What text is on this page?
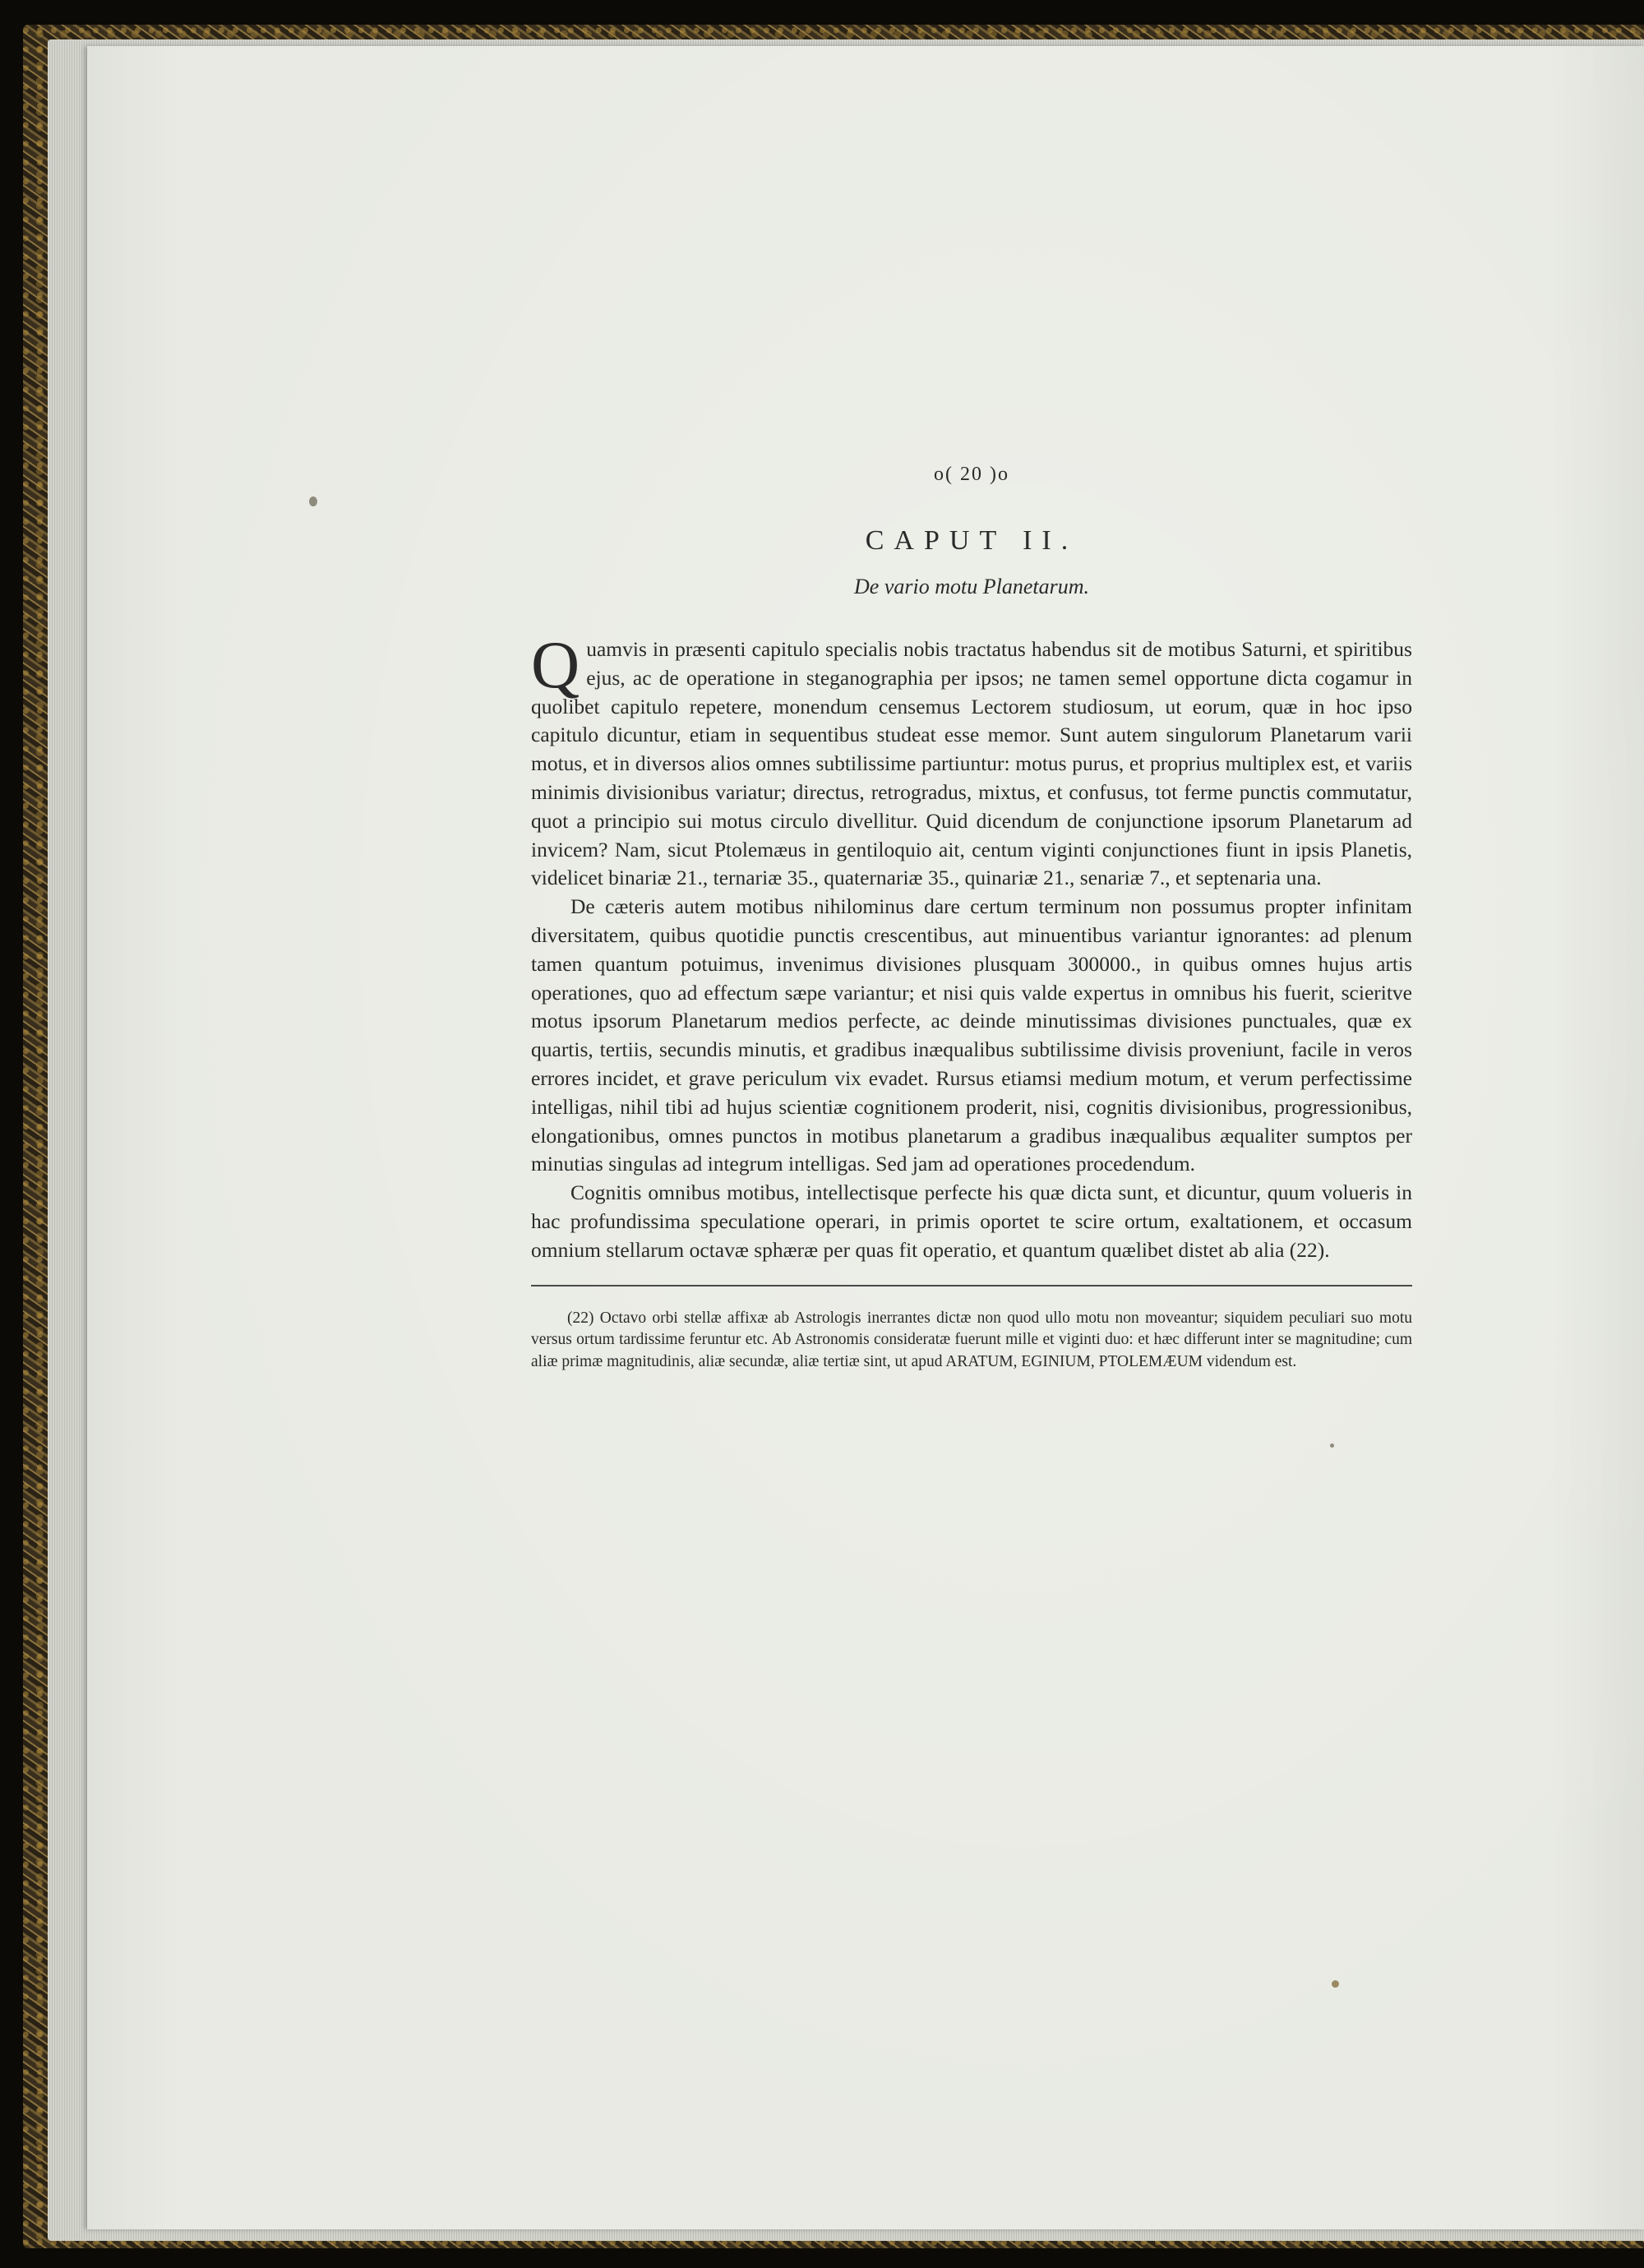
o( 20 )o

CAPUT II.

De vario motu Planetarum.

Quamvis in præsenti capitulo specialis nobis tractatus habendus sit de motibus Saturni, et spiritibus ejus, ac de operatione in steganographia per ipsos; ne tamen semel opportune dicta cogamur in quolibet capitulo repetere, monendum censemus Lectorem studiosum, ut eorum, quæ in hoc ipso capitulo dicuntur, etiam in sequentibus studeat esse memor. Sunt autem singulorum Planetarum varii motus, et in diversos alios omnes subtilissime partiuntur: motus purus, et proprius multiplex est, et variis minimis divisionibus variatur; directus, retrogradus, mixtus, et confusus, tot ferme punctis commutatur, quot a principio sui motus circulo divellitur. Quid dicendum de conjunctione ipsorum Planetarum ad invicem? Nam, sicut Ptolemæus in gentiloquio ait, centum viginti conjunctiones fiunt in ipsis Planetis, videlicet binariæ 21., ternariæ 35., quaternariæ 35., quinariæ 21., senariæ 7., et septenaria una.

De cæteris autem motibus nihilominus dare certum terminum non possumus propter infinitam diversitatem, quibus quotidie punctis crescentibus, aut minuentibus variantur ignorantes: ad plenum tamen quantum potuimus, invenimus divisiones plusquam 300000., in quibus omnes hujus artis operationes, quo ad effectum sæpe variantur; et nisi quis valde expertus in omnibus his fuerit, scieritve motus ipsorum Planetarum medios perfecte, ac deinde minutissimas divisiones punctuales, quæ ex quartis, tertiis, secundis minutis, et gradibus inæqualibus subtilissime divisis proveniunt, facile in veros errores incidet, et grave periculum vix evadet. Rursus etiamsi medium motum, et verum perfectissime intelligas, nihil tibi ad hujus scientiæ cognitionem proderit, nisi, cognitis divisionibus, progressionibus, elongationibus, omnes punctos in motibus planetarum a gradibus inæqualibus æqualiter sumptos per minutias singulas ad integrum intelligas. Sed jam ad operationes procedendum.

Cognitis omnibus motibus, intellectisque perfecte his quæ dicta sunt, et dicuntur, quum volueris in hac profundissima speculatione operari, in primis oportet te scire ortum, exaltationem, et occasum omnium stellarum octavæ sphæræ per quas fit operatio, et quantum quælibet distet ab alia (22).

(22) Octavo orbi stellæ affixæ ab Astrologis inerrantes dictæ non quod ullo motu non moveantur; siquidem peculiari suo motu versus ortum tardissime feruntur etc. Ab Astronomis consideratæ fuerunt mille et viginti duo: et hæc differunt inter se magnitudine; cum aliæ primæ magnitudinis, aliæ secundæ, aliæ tertiæ sint, ut apud ARATUM, EGINIUM, PTOLEMÆUM videndum est.
